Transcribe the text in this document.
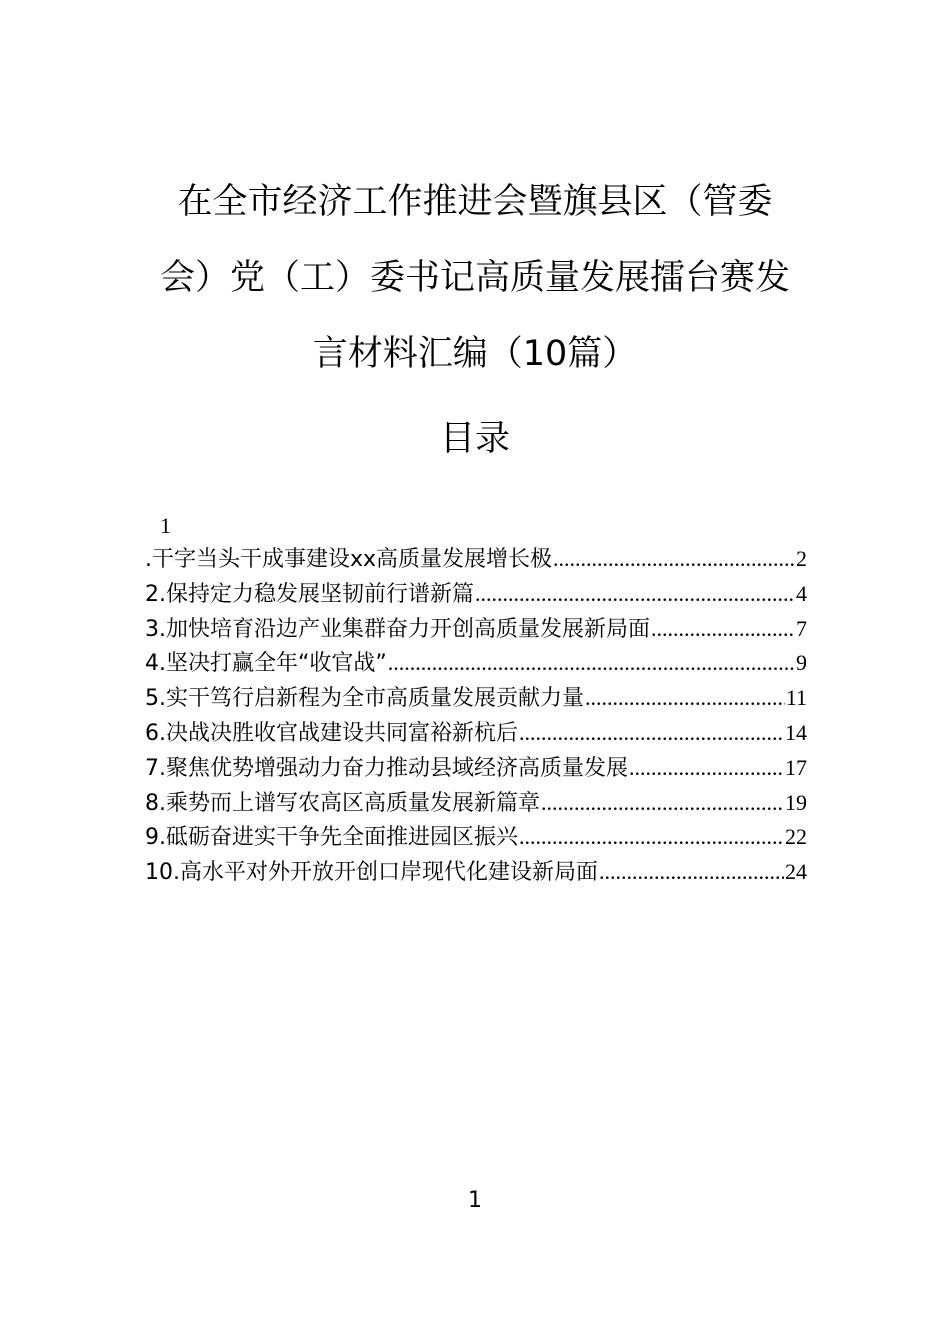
在全市经济工作推进会暨旗县区（管委
会）党（工）委书记高质量发展擂台赛发
言材料汇编（10篇）
目录
1
.干字当头干成事建设xx高质量发展增长极 .....	2
2.保持定力稳发展坚韧前行谱新篇 .....	4
3.加快培育沿边产业集群奋力开创高质量发展新局面 .....	7
4.坚决打赢全年“收官战” .....	9
5.实干笃行启新程为全市高质量发展贡献力量 .....	11
6.决战决胜收官战建设共同富裕新杭后 .....	14
7.聚焦优势增强动力奋力推动县域经济高质量发展 .....	17
8.乘势而上谱写农高区高质量发展新篇章 .....	19
9.砥砺奋进实干争先全面推进园区振兴 .....	22
10.高水平对外开放开创口岸现代化建设新局面 .....	24
1
